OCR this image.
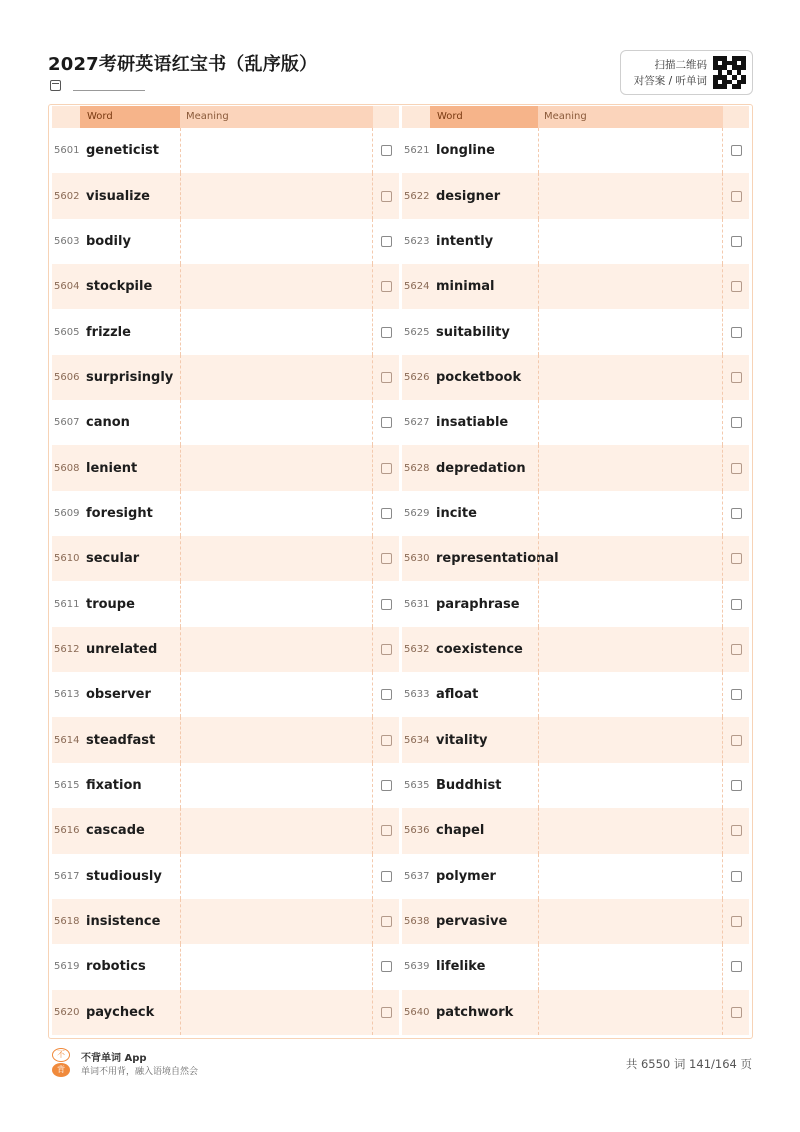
2027考研英语红宝书（乱序版）	扫描二维码
对答案 / 听单词
Word	Meaning
5601 geneticist
5602 visualize
5603 bodily
5604 stockpile
5605 frizzle
5606 surprisingly
5607 canon
5608 lenient
5609 foresight
5610 secular
5611 troupe
5612 unrelated
5613 observer
5614 steadfast
5615 fixation
5616 cascade
5617 studiously
5618 insistence
5619 robotics
5620 paycheck
Word	Meaning
5621 longline
5622 designer
5623 intently
5624 minimal
5625 suitability
5626 pocketbook
5627 insatiable
5628 depredation
5629 incite
5630 representational
5631 paraphrase
5632 coexistence
5633 afloat
5634 vitality
5635 Buddhist
5636 chapel
5637 polymer
5638 pervasive
5639 lifelike
5640 patchwork
不
背
不背单词 App
单词不用背，融入语境自然会
共 6550 词 141/164 页
